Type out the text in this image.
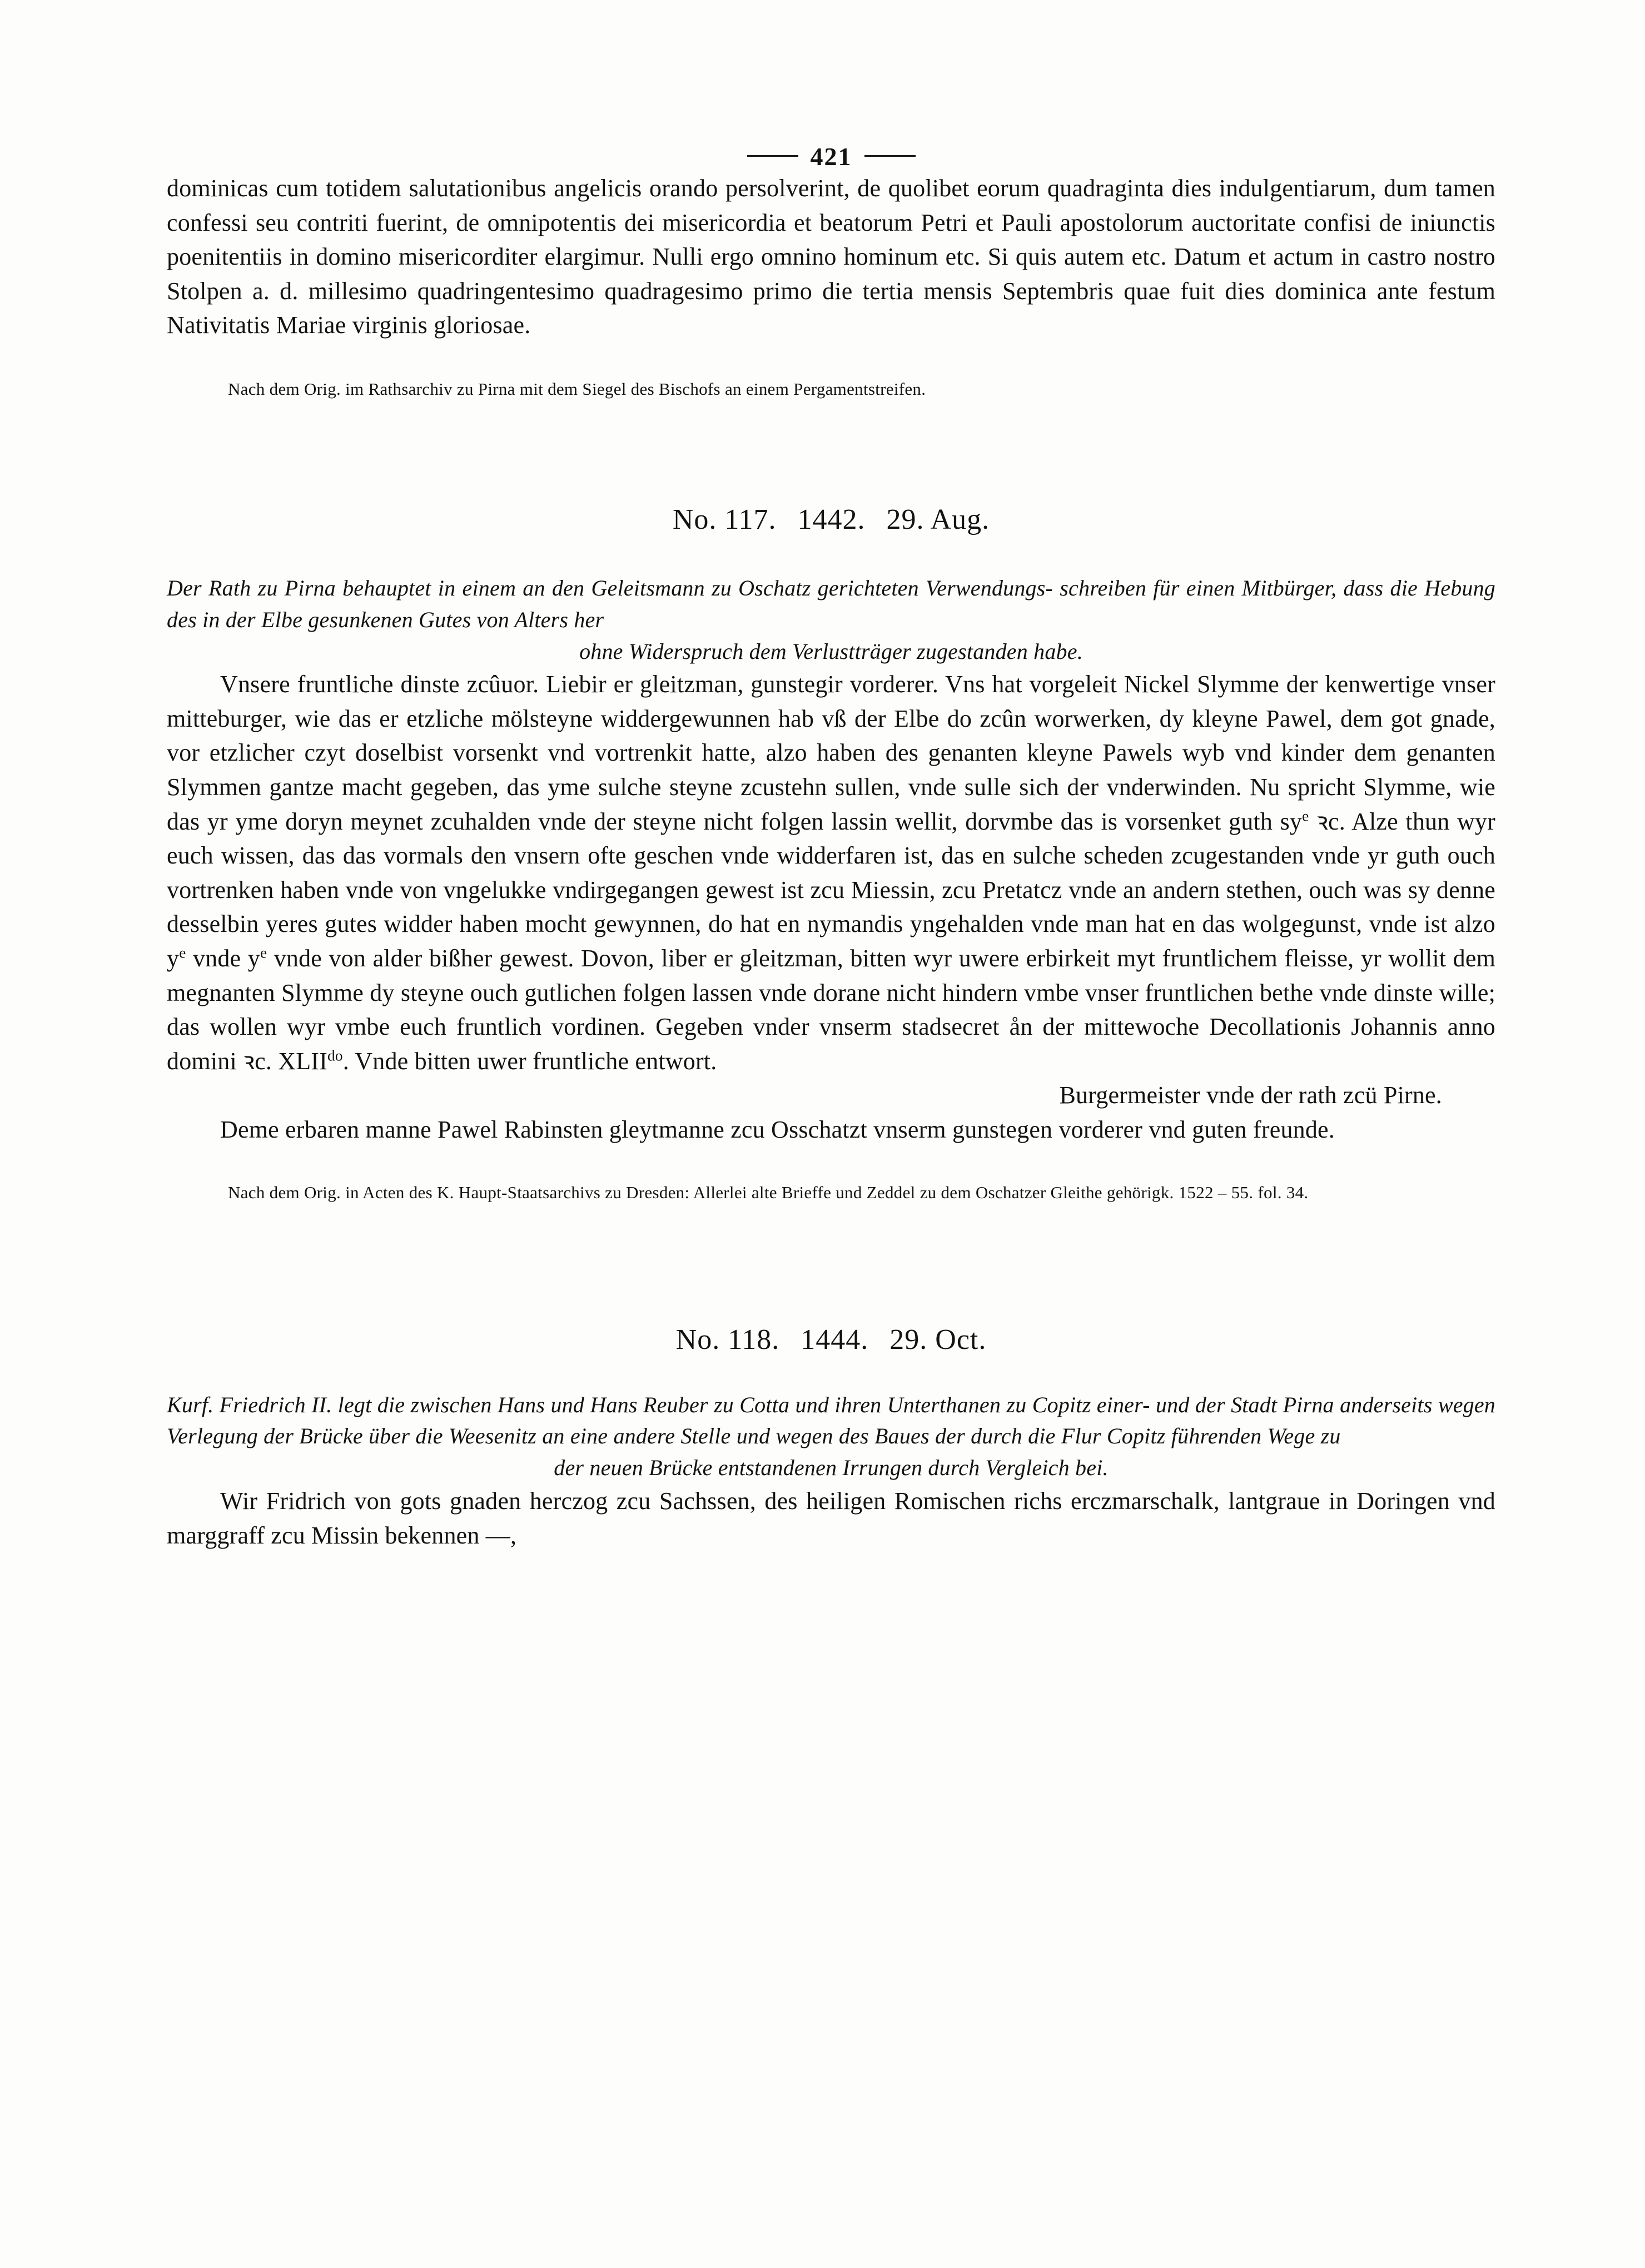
421

dominicas cum totidem salutationibus angelicis orando persolverint, de quolibet eorum quadraginta dies indulgentiarum, dum tamen confessi seu contriti fuerint, de omnipotentis dei misericordia et beatorum Petri et Pauli apostolorum auctoritate confisi de iniunctis poenitentiis in domino misericorditer elargimur. Nulli ergo omnino hominum etc. Si quis autem etc. Datum et actum in castro nostro Stolpen a. d. millesimo quadringentesimo quadragesimo primo die tertia mensis Septembris quae fuit dies dominica ante festum Nativitatis Mariae virginis gloriosae.

Nach dem Orig. im Rathsarchiv zu Pirna mit dem Siegel des Bischofs an einem Pergamentstreifen.

No. 117. 1442. 29. Aug.

Der Rath zu Pirna behauptet in einem an den Geleitsmann zu Oschatz gerichteten Verwendungs- schreiben für einen Mitbürger, dass die Hebung des in der Elbe gesunkenen Gutes von Alters her
ohne Widerspruch dem Verlustträger zugestanden habe.

Vnsere fruntliche dinste zcûuor. Liebir er gleitzman, gunstegir vorderer. Vns hat vorgeleit Nickel Slymme der kenwertige vnser mitteburger, wie das er etzliche mölsteyne widdergewunnen hab vß der Elbe do zcûn worwerken, dy kleyne Pawel, dem got gnade, vor etzlicher czyt doselbist vorsenkt vnd vortrenkit hatte, alzo haben des genanten kleyne Pawels wyb vnd kinder dem genanten Slymmen gantze macht gegeben, das yme sulche steyne zcustehn sullen, vnde sulle sich der vnderwinden. Nu spricht Slymme, wie das yr yme doryn meynet zcuhalden vnde der steyne nicht folgen lassin wellit, dorvmbe das is vorsenket guth $sy^e$ ꝛc. Alze thun wyr euch wissen, das das vormals den vnsern ofte geschen vnde widderfaren ist, das en sulche scheden zcugestanden vnde yr guth ouch vortrenken haben vnde von vngelukke vndirgegangen gewest ist zcu Miessin, zcu Pretatcz vnde an andern stethen, ouch was sy denne desselbin yeres gutes widder haben mocht gewynnen, do hat en nymandis yngehalden vnde man hat en das wolgegunst, vnde ist alzo $y^e$ vnde $y^e$ vnde von alder bißher gewest. Dovon, liber er gleitzman, bitten wyr uwere erbirkeit myt fruntlichem fleisse, yr wollit dem megnanten Slymme dy steyne ouch gutlichen folgen lassen vnde dorane nicht hindern vmbe vnser fruntlichen bethe vnde dinste wille; das wollen wyr vmbe euch fruntlich vordinen. Gegeben vnder vnserm stadsecret ån der mittewoche Decollationis Johannis anno domini ꝛc. $XLII^{do}$. Vnde bitten uwer fruntliche entwort.
Burgermeister vnde der rath zcü Pirne.

Deme erbaren manne Pawel Rabinsten gleytmanne zcu Osschatzt vnserm gunstegen vorderer vnd guten freunde.

Nach dem Orig. in Acten des K. Haupt-Staatsarchivs zu Dresden: Allerlei alte Brieffe und Zeddel zu dem Oschatzer Gleithe gehörigk. 1522 – 55. fol. 34.

No. 118. 1444. 29. Oct.

Kurf. Friedrich II. legt die zwischen Hans und Hans Reuber zu Cotta und ihren Unterthanen zu Copitz einer- und der Stadt Pirna anderseits wegen Verlegung der Brücke über die Weesenitz an eine andere Stelle und wegen des Baues der durch die Flur Copitz führenden Wege zu
der neuen Brücke entstandenen Irrungen durch Vergleich bei.

Wir Fridrich von gots gnaden herczog zcu Sachssen, des heiligen Romischen richs erczmarschalk, lantgraue in Doringen vnd marggraff zcu Missin bekennen —,
